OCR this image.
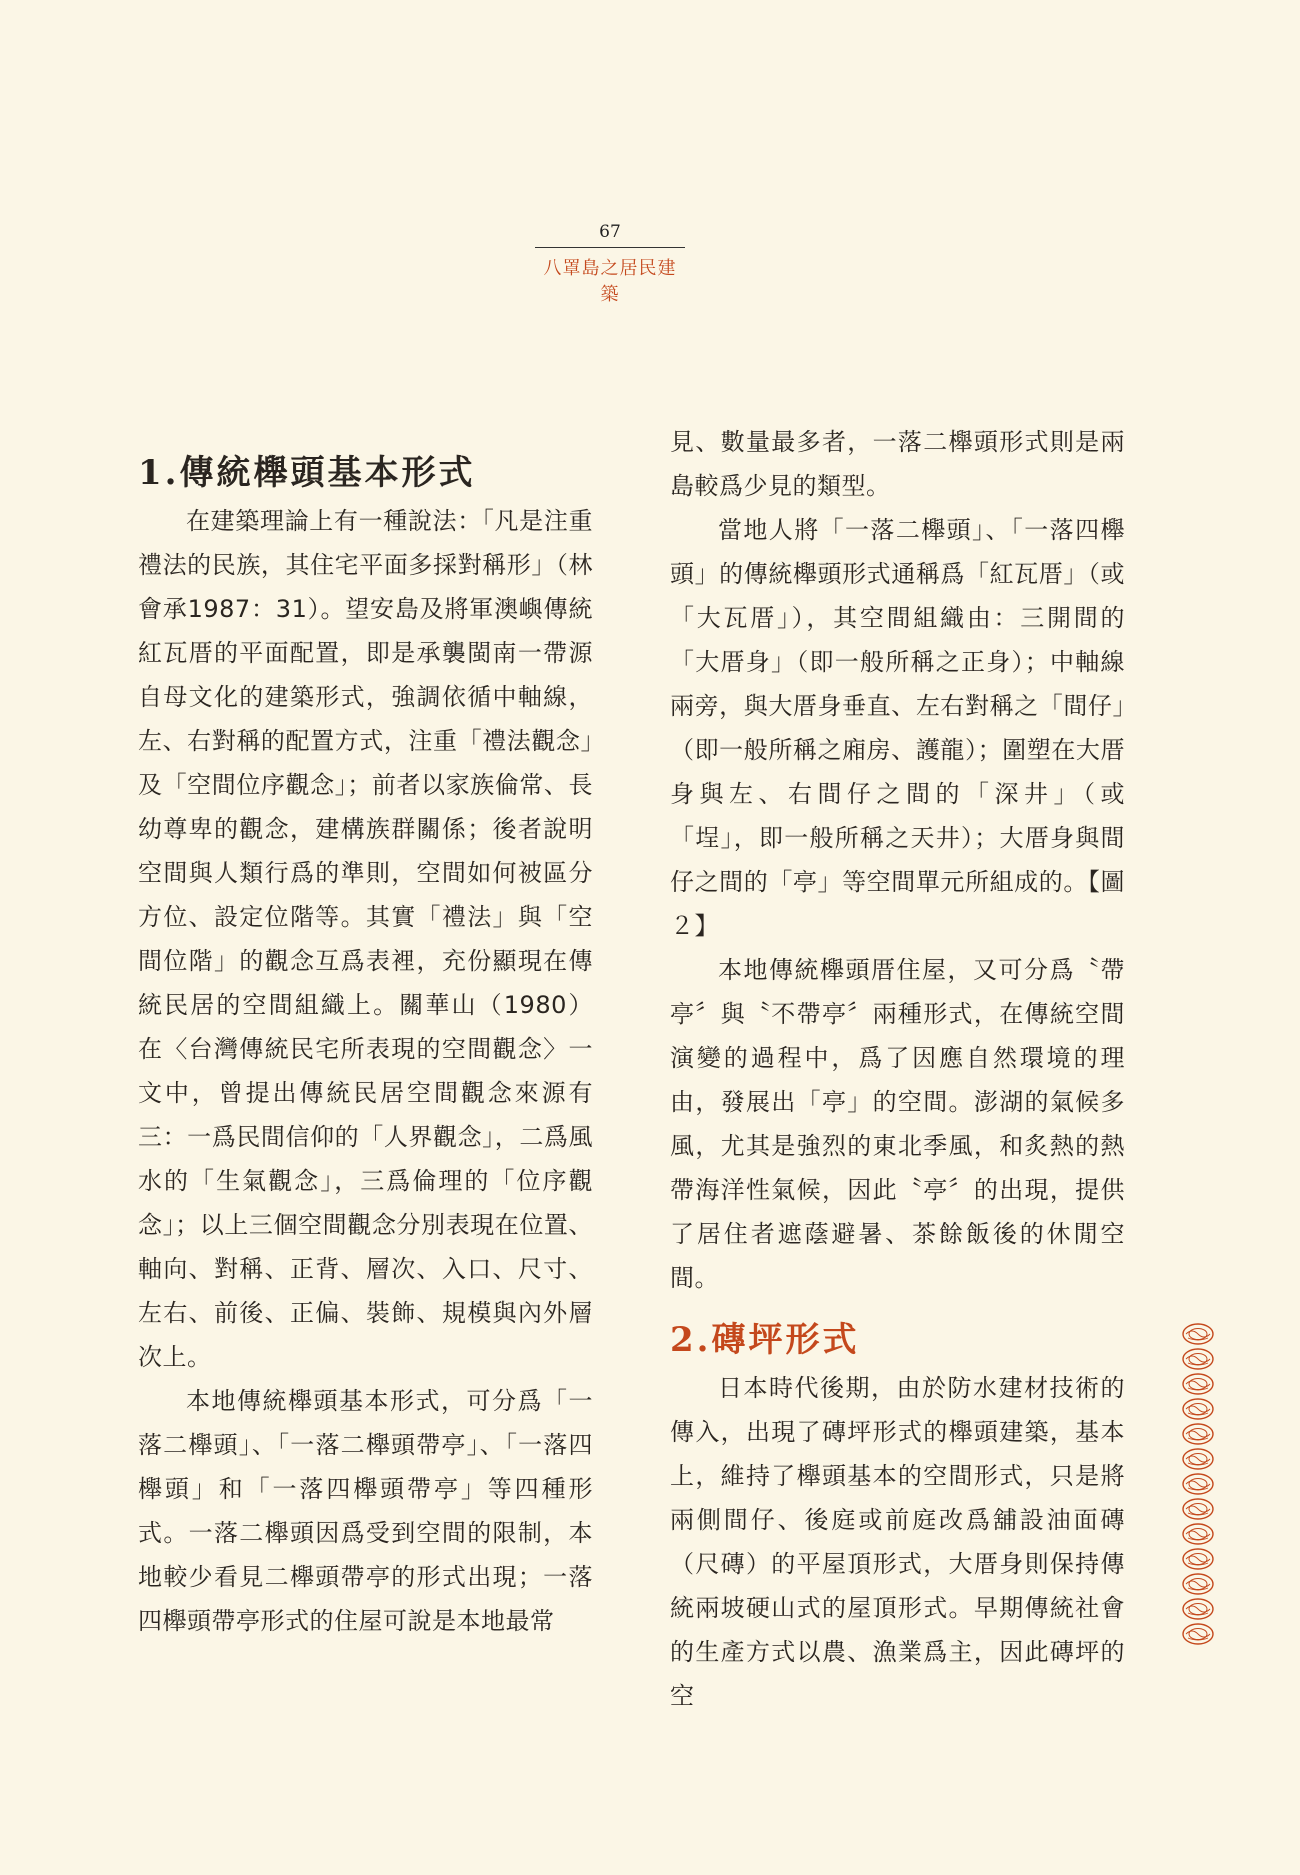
67
八罩島之居民建築
1.傳統櫸頭基本形式

在建築理論上有一種說法：「凡是注重禮法的民族，其住宅平面多採對稱形」（林會承1987：31）。望安島及將軍澳嶼傳統紅瓦厝的平面配置，即是承襲閩南一帶源自母文化的建築形式，強調依循中軸線，左、右對稱的配置方式，注重「禮法觀念」及「空間位序觀念」；前者以家族倫常、長幼尊卑的觀念，建構族群關係；後者說明空間與人類行爲的準則，空間如何被區分方位、設定位階等。其實「禮法」與「空間位階」的觀念互爲表裡，充份顯現在傳統民居的空間組織上。關華山（1980）在〈台灣傳統民宅所表現的空間觀念〉一文中，曾提出傳統民居空間觀念來源有三：一爲民間信仰的「人界觀念」，二爲風水的「生氣觀念」，三爲倫理的「位序觀念」；以上三個空間觀念分別表現在位置、軸向、對稱、正背、層次、入口、尺寸、左右、前後、正偏、裝飾、規模與內外層次上。

本地傳統櫸頭基本形式，可分爲「一落二櫸頭」、「一落二櫸頭帶亭」、「一落四櫸頭」和「一落四櫸頭帶亭」等四種形式。一落二櫸頭因爲受到空間的限制，本地較少看見二櫸頭帶亭的形式出現；一落四櫸頭帶亭形式的住屋可說是本地最常

見、數量最多者，一落二櫸頭形式則是兩島較爲少見的類型。

當地人將「一落二櫸頭」、「一落四櫸頭」的傳統櫸頭形式通稱爲「紅瓦厝」（或「大瓦厝」），其空間組織由：三開間的「大厝身」（即一般所稱之正身）；中軸線兩旁，與大厝身垂直、左右對稱之「間仔」（即一般所稱之廂房、護龍）；圍塑在大厝身與左、右間仔之間的「深井」（或「埕」，即一般所稱之天井）；大厝身與間仔之間的「亭」等空間單元所組成的。【圖２】

本地傳統櫸頭厝住屋，又可分爲〝帶亭〞與〝不帶亭〞兩種形式，在傳統空間演變的過程中，爲了因應自然環境的理由，發展出「亭」的空間。澎湖的氣候多風，尤其是強烈的東北季風，和炙熱的熱帶海洋性氣候，因此〝亭〞的出現，提供了居住者遮蔭避暑、茶餘飯後的休閒空間。

2.磚坪形式

日本時代後期，由於防水建材技術的傳入，出現了磚坪形式的櫸頭建築，基本上，維持了櫸頭基本的空間形式，只是將兩側間仔、後庭或前庭改爲舖設油面磚（尺磚）的平屋頂形式，大厝身則保持傳統兩坡硬山式的屋頂形式。早期傳統社會的生產方式以農、漁業爲主，因此磚坪的空
